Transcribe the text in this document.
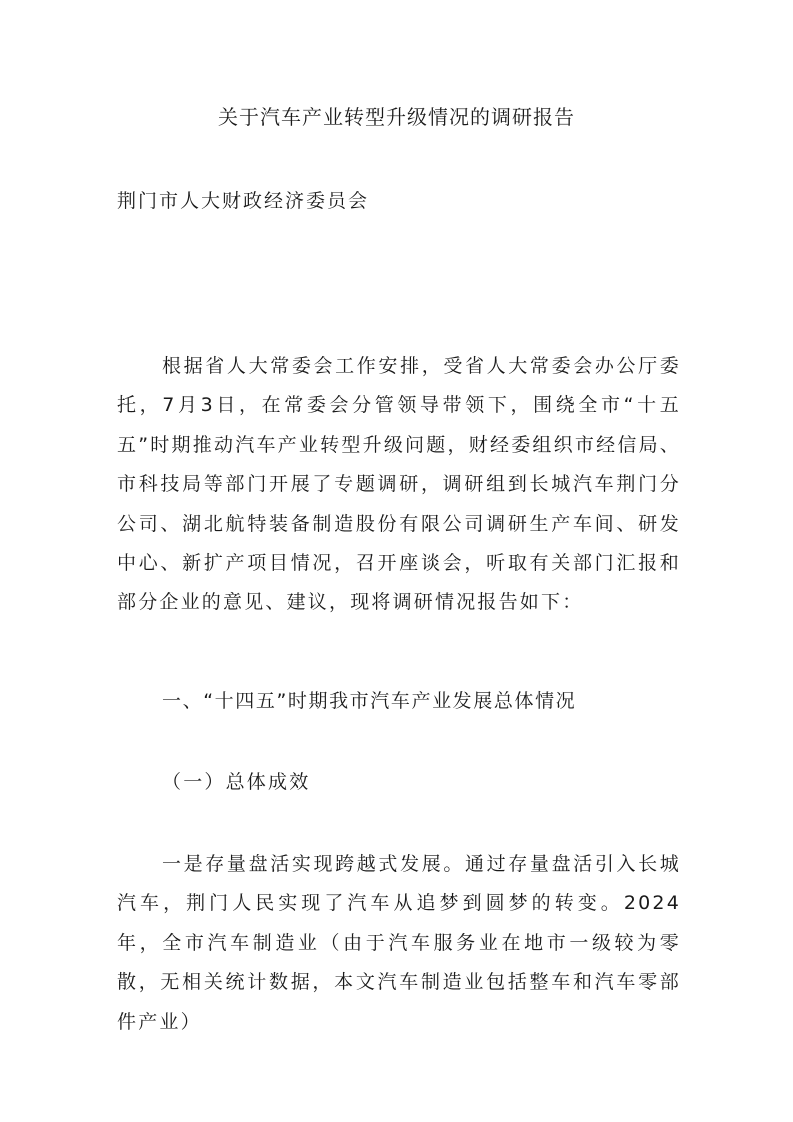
关于汽车产业转型升级情况的调研报告

荆门市人大财政经济委员会

根据省人大常委会工作安排，受省人大常委会办公厅委托，7月3日，在常委会分管领导带领下，围绕全市“十五五”时期推动汽车产业转型升级问题，财经委组织市经信局、市科技局等部门开展了专题调研，调研组到长城汽车荆门分公司、湖北航特装备制造股份有限公司调研生产车间、研发中心、新扩产项目情况，召开座谈会，听取有关部门汇报和部分企业的意见、建议，现将调研情况报告如下：

一、“十四五”时期我市汽车产业发展总体情况

（一）总体成效

一是存量盘活实现跨越式发展。通过存量盘活引入长城汽车，荆门人民实现了汽车从追梦到圆梦的转变。2024 年，全市汽车制造业（由于汽车服务业在地市一级较为零散，无相关统计数据，本文汽车制造业包括整车和汽车零部件产业）
